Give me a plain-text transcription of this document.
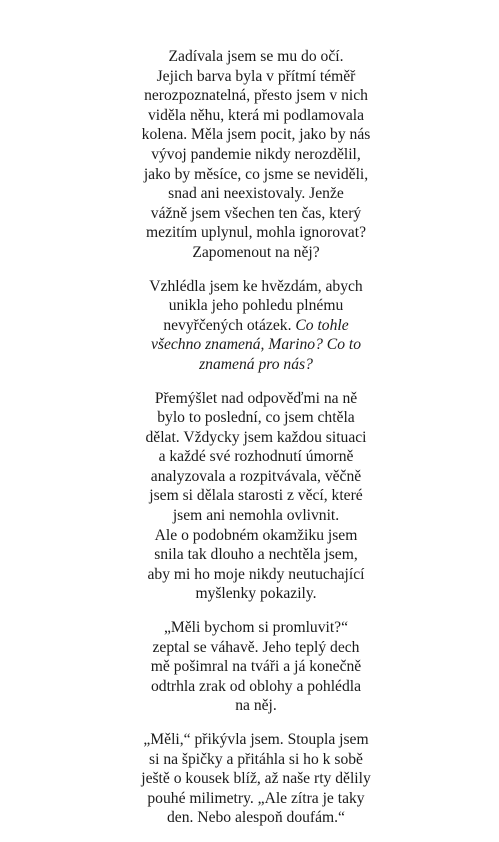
Zadívala jsem se mu do očí.
Jejich barva byla v přítmí téměř
nerozpoznatelná, přesto jsem v nich
viděla něhu, která mi podlamovala
kolena. Měla jsem pocit, jako by nás
vývoj pandemie nikdy nerozdělil,
jako by měsíce, co jsme se neviděli,
snad ani neexistovaly. Jenže
vážně jsem všechen ten čas, který
mezitím uplynul, mohla ignorovat?
Zapomenout na něj?

Vzhlédla jsem ke hvězdám, abych
unikla jeho pohledu plnému
nevyřčených otázek. Co tohle
všechno znamená, Marino? Co to
znamená pro nás?

Přemýšlet nad odpověďmi na ně
bylo to poslední, co jsem chtěla
dělat. Vždycky jsem každou situaci
a každé své rozhodnutí úmorně
analyzovala a rozpitvávala, věčně
jsem si dělala starosti z věcí, které
jsem ani nemohla ovlivnit.
Ale o podobném okamžiku jsem
snila tak dlouho a nechtěla jsem,
aby mi ho moje nikdy neutuchající
myšlenky pokazily.

„Měli bychom si promluvit?“
zeptal se váhavě. Jeho teplý dech
mě pošimral na tváři a já konečně
odtrhla zrak od oblohy a pohlédla
na něj.

„Měli,“ přikývla jsem. Stoupla jsem
si na špičky a přitáhla si ho k sobě
ještě o kousek blíž, až naše rty dělily
pouhé milimetry. „Ale zítra je taky
den. Nebo alespoň doufám.“
